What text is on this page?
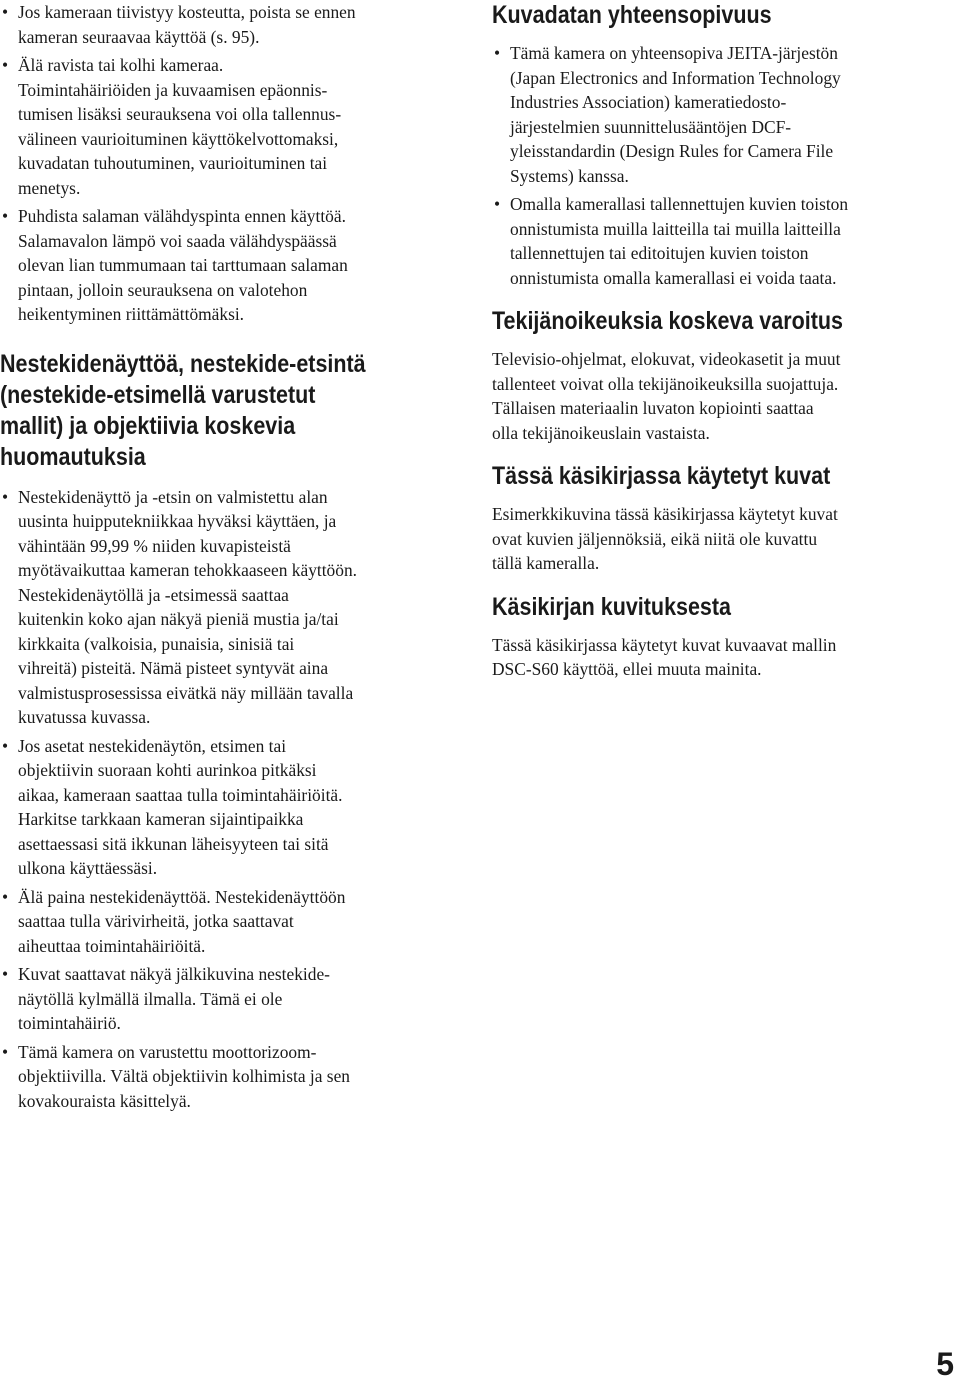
• Jos kameraan tiivistyy kosteutta, poista se ennen
kameran seuraavaa käyttöä (s. 95).
• Älä ravista tai kolhi kameraa.
Toimintahäiriöiden ja kuvaamisen epäonnis-
tumisen lisäksi seurauksena voi olla tallennus-
välineen vaurioituminen käyttökelvottomaksi,
kuvadatan tuhoutuminen, vaurioituminen tai
menetys.
• Puhdista salaman välähdyspinta ennen käyttöä.
Salamavalon lämpö voi saada välähdyspäässä
olevan lian tummumaan tai tarttumaan salaman
pintaan, jolloin seurauksena on valotehon
heikentyminen riittämättömäksi.
Nestekidenäyttöä, nestekide-etsintä
(nestekide-etsimellä varustetut
mallit) ja objektiivia koskevia
huomautuksia
• Nestekidenäyttö ja -etsin on valmistettu alan
uusinta huipputekniikkaa hyväksi käyttäen, ja
vähintään 99,99 % niiden kuvapisteistä
myötävaikuttaa kameran tehokkaaseen käyttöön.
Nestekidenäytöllä ja -etsimessä saattaa
kuitenkin koko ajan näkyä pieniä mustia ja/tai
kirkkaita (valkoisia, punaisia, sinisiä tai
vihreitä) pisteitä. Nämä pisteet syntyvät aina
valmistusprosessissa eivätkä näy millään tavalla
kuvatussa kuvassa.
• Jos asetat nestekidenäytön, etsimen tai
objektiivin suoraan kohti aurinkoa pitkäksi
aikaa, kameraan saattaa tulla toimintahäiriöitä.
Harkitse tarkkaan kameran sijaintipaikka
asettaessasi sitä ikkunan läheisyyteen tai sitä
ulkona käyttäessäsi.
• Älä paina nestekidenäyttöä. Nestekidenäyttöön
saattaa tulla värivirheitä, jotka saattavat
aiheuttaa toimintahäiriöitä.
• Kuvat saattavat näkyä jälkikuvina nestekide-
näytöllä kylmällä ilmalla. Tämä ei ole
toimintahäiriö.
• Tämä kamera on varustettu moottorizoom-
objektiivilla. Vältä objektiivin kolhimista ja sen
kovakouraista käsittelyä.
Kuvadatan yhteensopivuus
• Tämä kamera on yhteensopiva JEITA-järjestön
(Japan Electronics and Information Technology
Industries Association) kameratiedosto-
järjestelmien suunnittelusääntöjen DCF-
yleisstandardin (Design Rules for Camera File
Systems) kanssa.
• Omalla kamerallasi tallennettujen kuvien toiston
onnistumista muilla laitteilla tai muilla laitteilla
tallennettujen tai editoitujen kuvien toiston
onnistumista omalla kamerallasi ei voida taata.
Tekijänoikeuksia koskeva varoitus

Televisio-ohjelmat, elokuvat, videokasetit ja muut
tallenteet voivat olla tekijänoikeuksilla suojattuja.
Tällaisen materiaalin luvaton kopiointi saattaa
olla tekijänoikeuslain vastaista.

Tässä käsikirjassa käytetyt kuvat

Esimerkkikuvina tässä käsikirjassa käytetyt kuvat
ovat kuvien jäljennöksiä, eikä niitä ole kuvattu
tällä kameralla.

Käsikirjan kuvituksesta

Tässä käsikirjassa käytetyt kuvat kuvaavat mallin
DSC-S60 käyttöä, ellei muuta mainita.

5
